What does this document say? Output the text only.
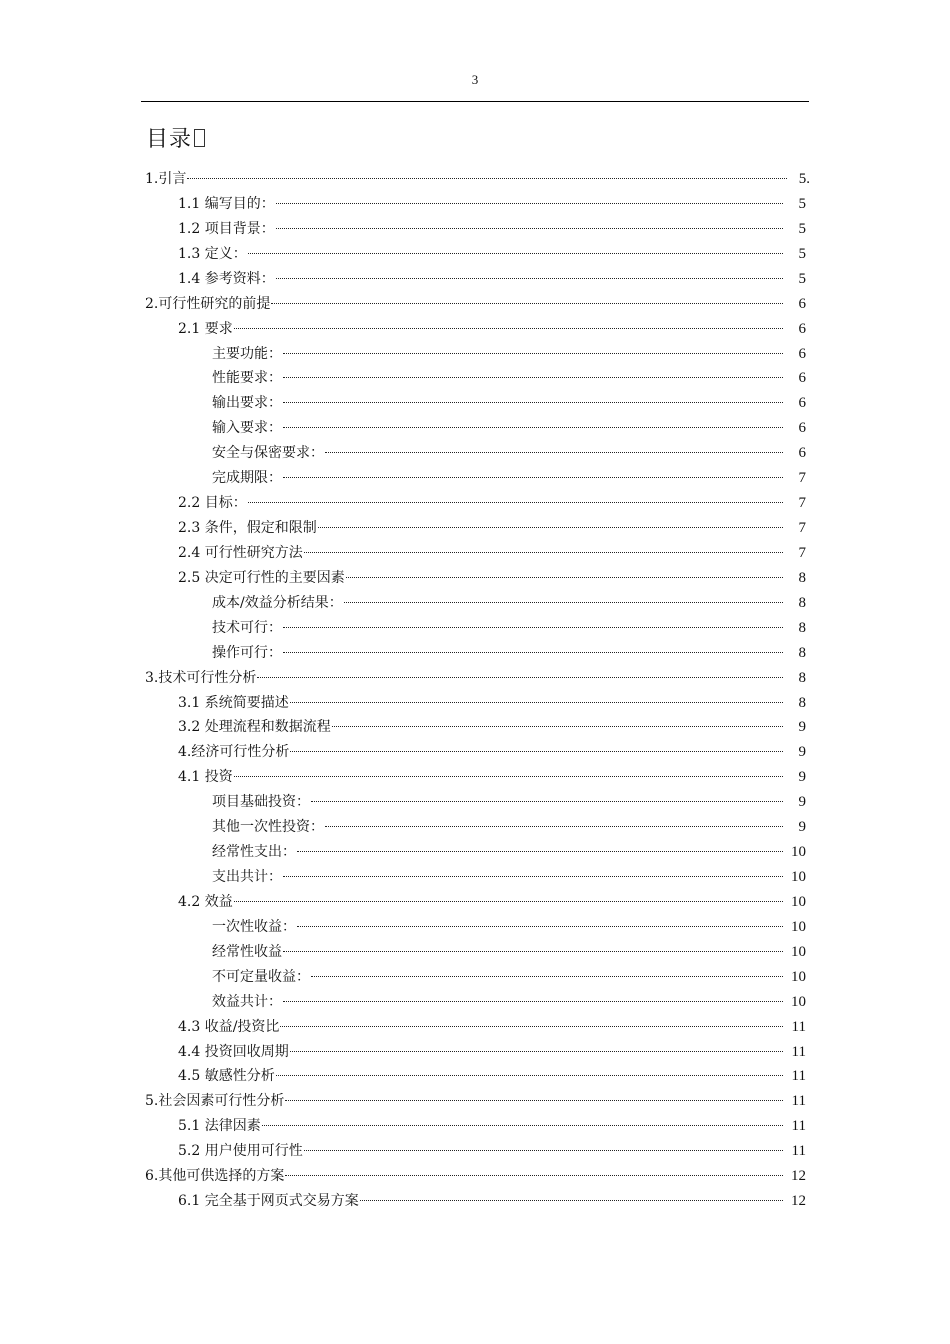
3
目录
1.引言	5.
1.1 编写目的：	5
1.2 项目背景：	5
1.3 定义：	5
1.4 参考资料：	5
2.可行性研究的前提	6
2.1 要求	6
主要功能：	6
性能要求：	6
输出要求：	6
输入要求：	6
安全与保密要求：	6
完成期限：	7
2.2 目标：	7
2.3 条件，假定和限制	7
2.4 可行性研究方法	7
2.5 决定可行性的主要因素	8
成本/效益分析结果：	8
技术可行：	8
操作可行：	8
3.技术可行性分析	8
3.1 系统简要描述	8
3.2 处理流程和数据流程	9
4.经济可行性分析	9
4.1 投资	9
项目基础投资：	9
其他一次性投资：	9
经常性支出：	10
支出共计：	10
4.2 效益	10
一次性收益：	10
经常性收益	10
不可定量收益：	10
效益共计：	10
4.3 收益/投资比	11
4.4 投资回收周期	11
4.5 敏感性分析	11
5.社会因素可行性分析	11
5.1 法律因素	11
5.2 用户使用可行性	11
6.其他可供选择的方案	12
6.1 完全基于网页式交易方案	12
